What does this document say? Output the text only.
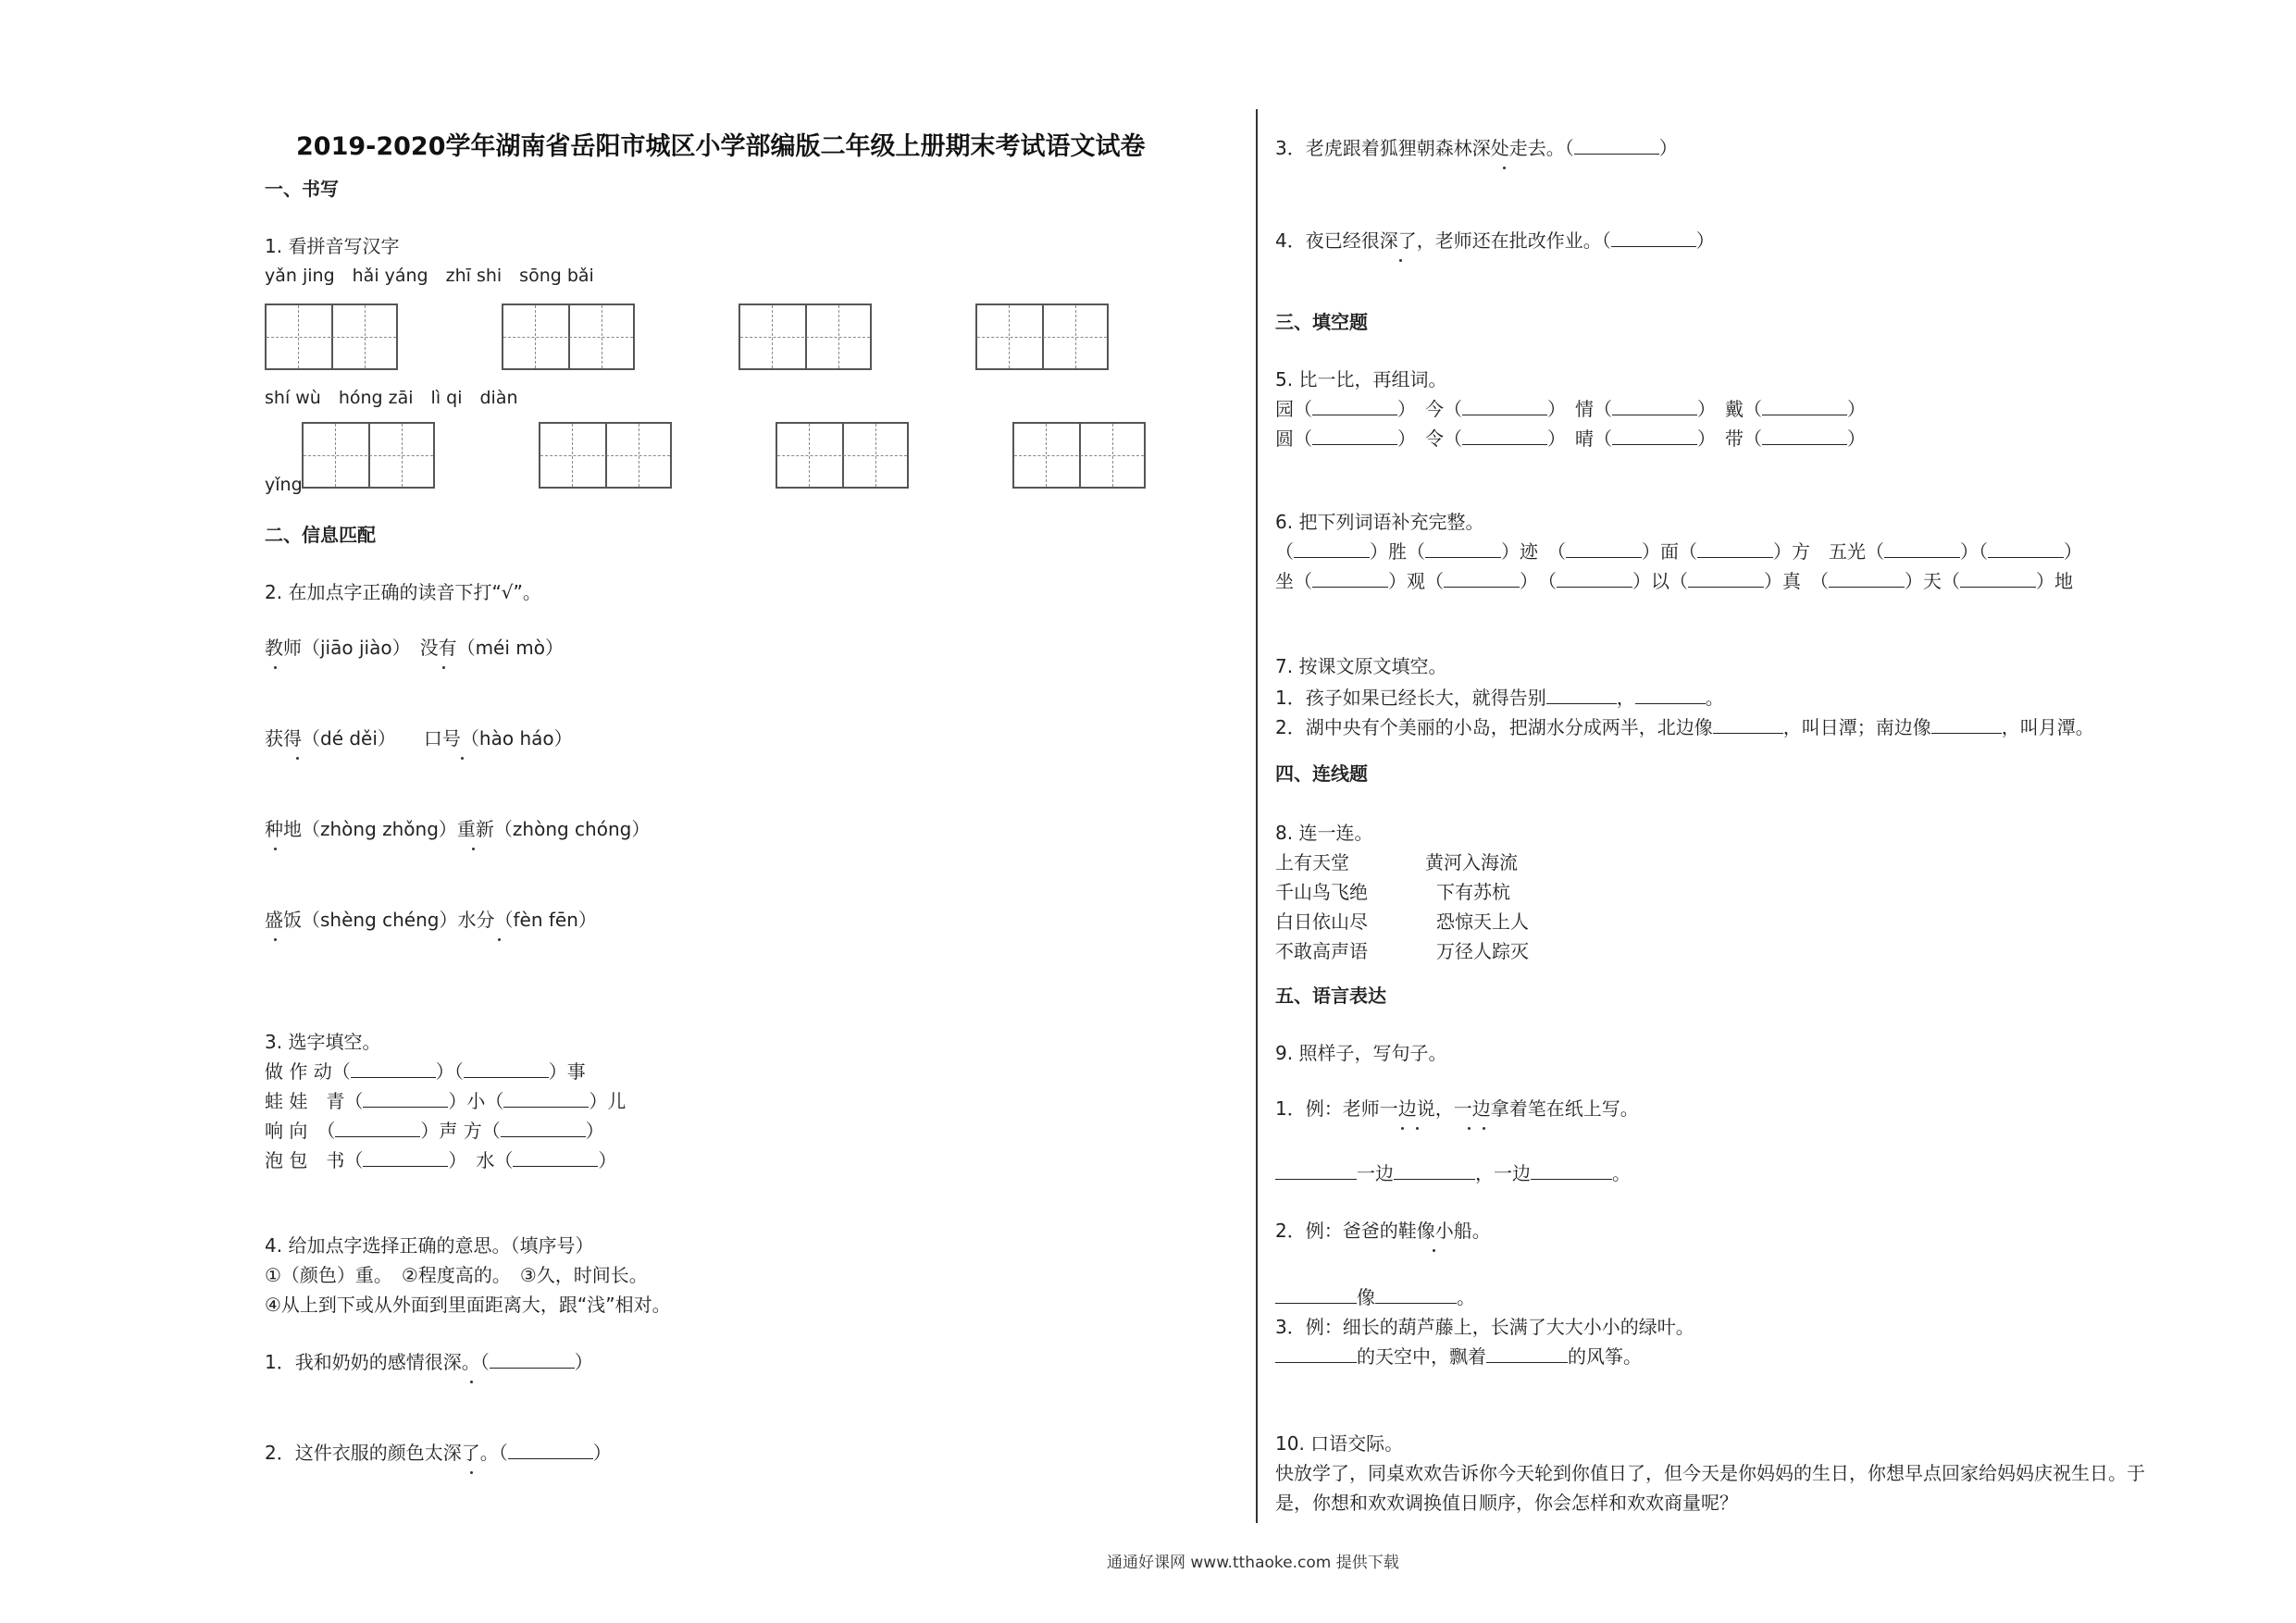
2019-2020学年湖南省岳阳市城区小学部编版二年级上册期末考试语文试卷
一、书写
1. 看拼音写汉字
yǎn jing　hǎi yáng　zhī shi　sōng bǎi
shí wù　hóng zāi　lì qi　diàn
yǐng
二、信息匹配
2. 在加点字正确的读音下打“√”。
教师（jiāo jiào）　没有（méi mò）
获得（dé děi）　　口号（hào háo）
种地（zhòng zhǒng）重新（zhòng chóng）
盛饭（shèng chéng）水分（fèn fēn）
3. 选字填空。
做 作 动（	）（	）事
蛙 娃　青（	）小（	）儿
响 向　（	）声 方（	）
泡 包　书（	）　水（	）
4. 给加点字选择正确的意思。（填序号）
①（颜色）重。　②程度高的。　③久，时间长。
④从上到下或从外面到里面距离大，跟“浅”相对。
1．我和奶奶的感情很深。（	）
2．这件衣服的颜色太深了。（	）
3．老虎跟着狐狸朝森林深处走去。（	）
4．夜已经很深了，老师还在批改作业。（	）
三、填空题
5. 比一比，再组词。
园（	）　今（	）　情（	）　戴（	）
圆（	）　令（	）　晴（	）　带（	）
6. 把下列词语补充完整。
（	）胜（	）迹　（	）面（	）方　五光（	）（	）
坐（	）观（	）　（	）以（	）真　（	）天（	）地
7. 按课文原文填空。
1．孩子如果已经长大，就得告别	，	。
2．湖中央有个美丽的小岛，把湖水分成两半，北边像	，叫日潭；南边像	，叫月潭。
四、连线题
8. 连一连。
上有天堂	黄河入海流
千山鸟飞绝	下有苏杭
白日依山尽	恐惊天上人
不敢高声语	万径人踪灭
五、语言表达
9. 照样子，写句子。
1．例：老师一边说，一边拿着笔在纸上写。
一边	，一边	。
2．例：爸爸的鞋像小船。
像	。
3．例：细长的葫芦藤上，长满了大大小小的绿叶。
的天空中，飘着	的风筝。
10. 口语交际。
快放学了，同桌欢欢告诉你今天轮到你值日了，但今天是你妈妈的生日，你想早点回家给妈妈庆祝生日。于
是，你想和欢欢调换值日顺序，你会怎样和欢欢商量呢？
通通好课网 www.tthaoke.com 提供下载
